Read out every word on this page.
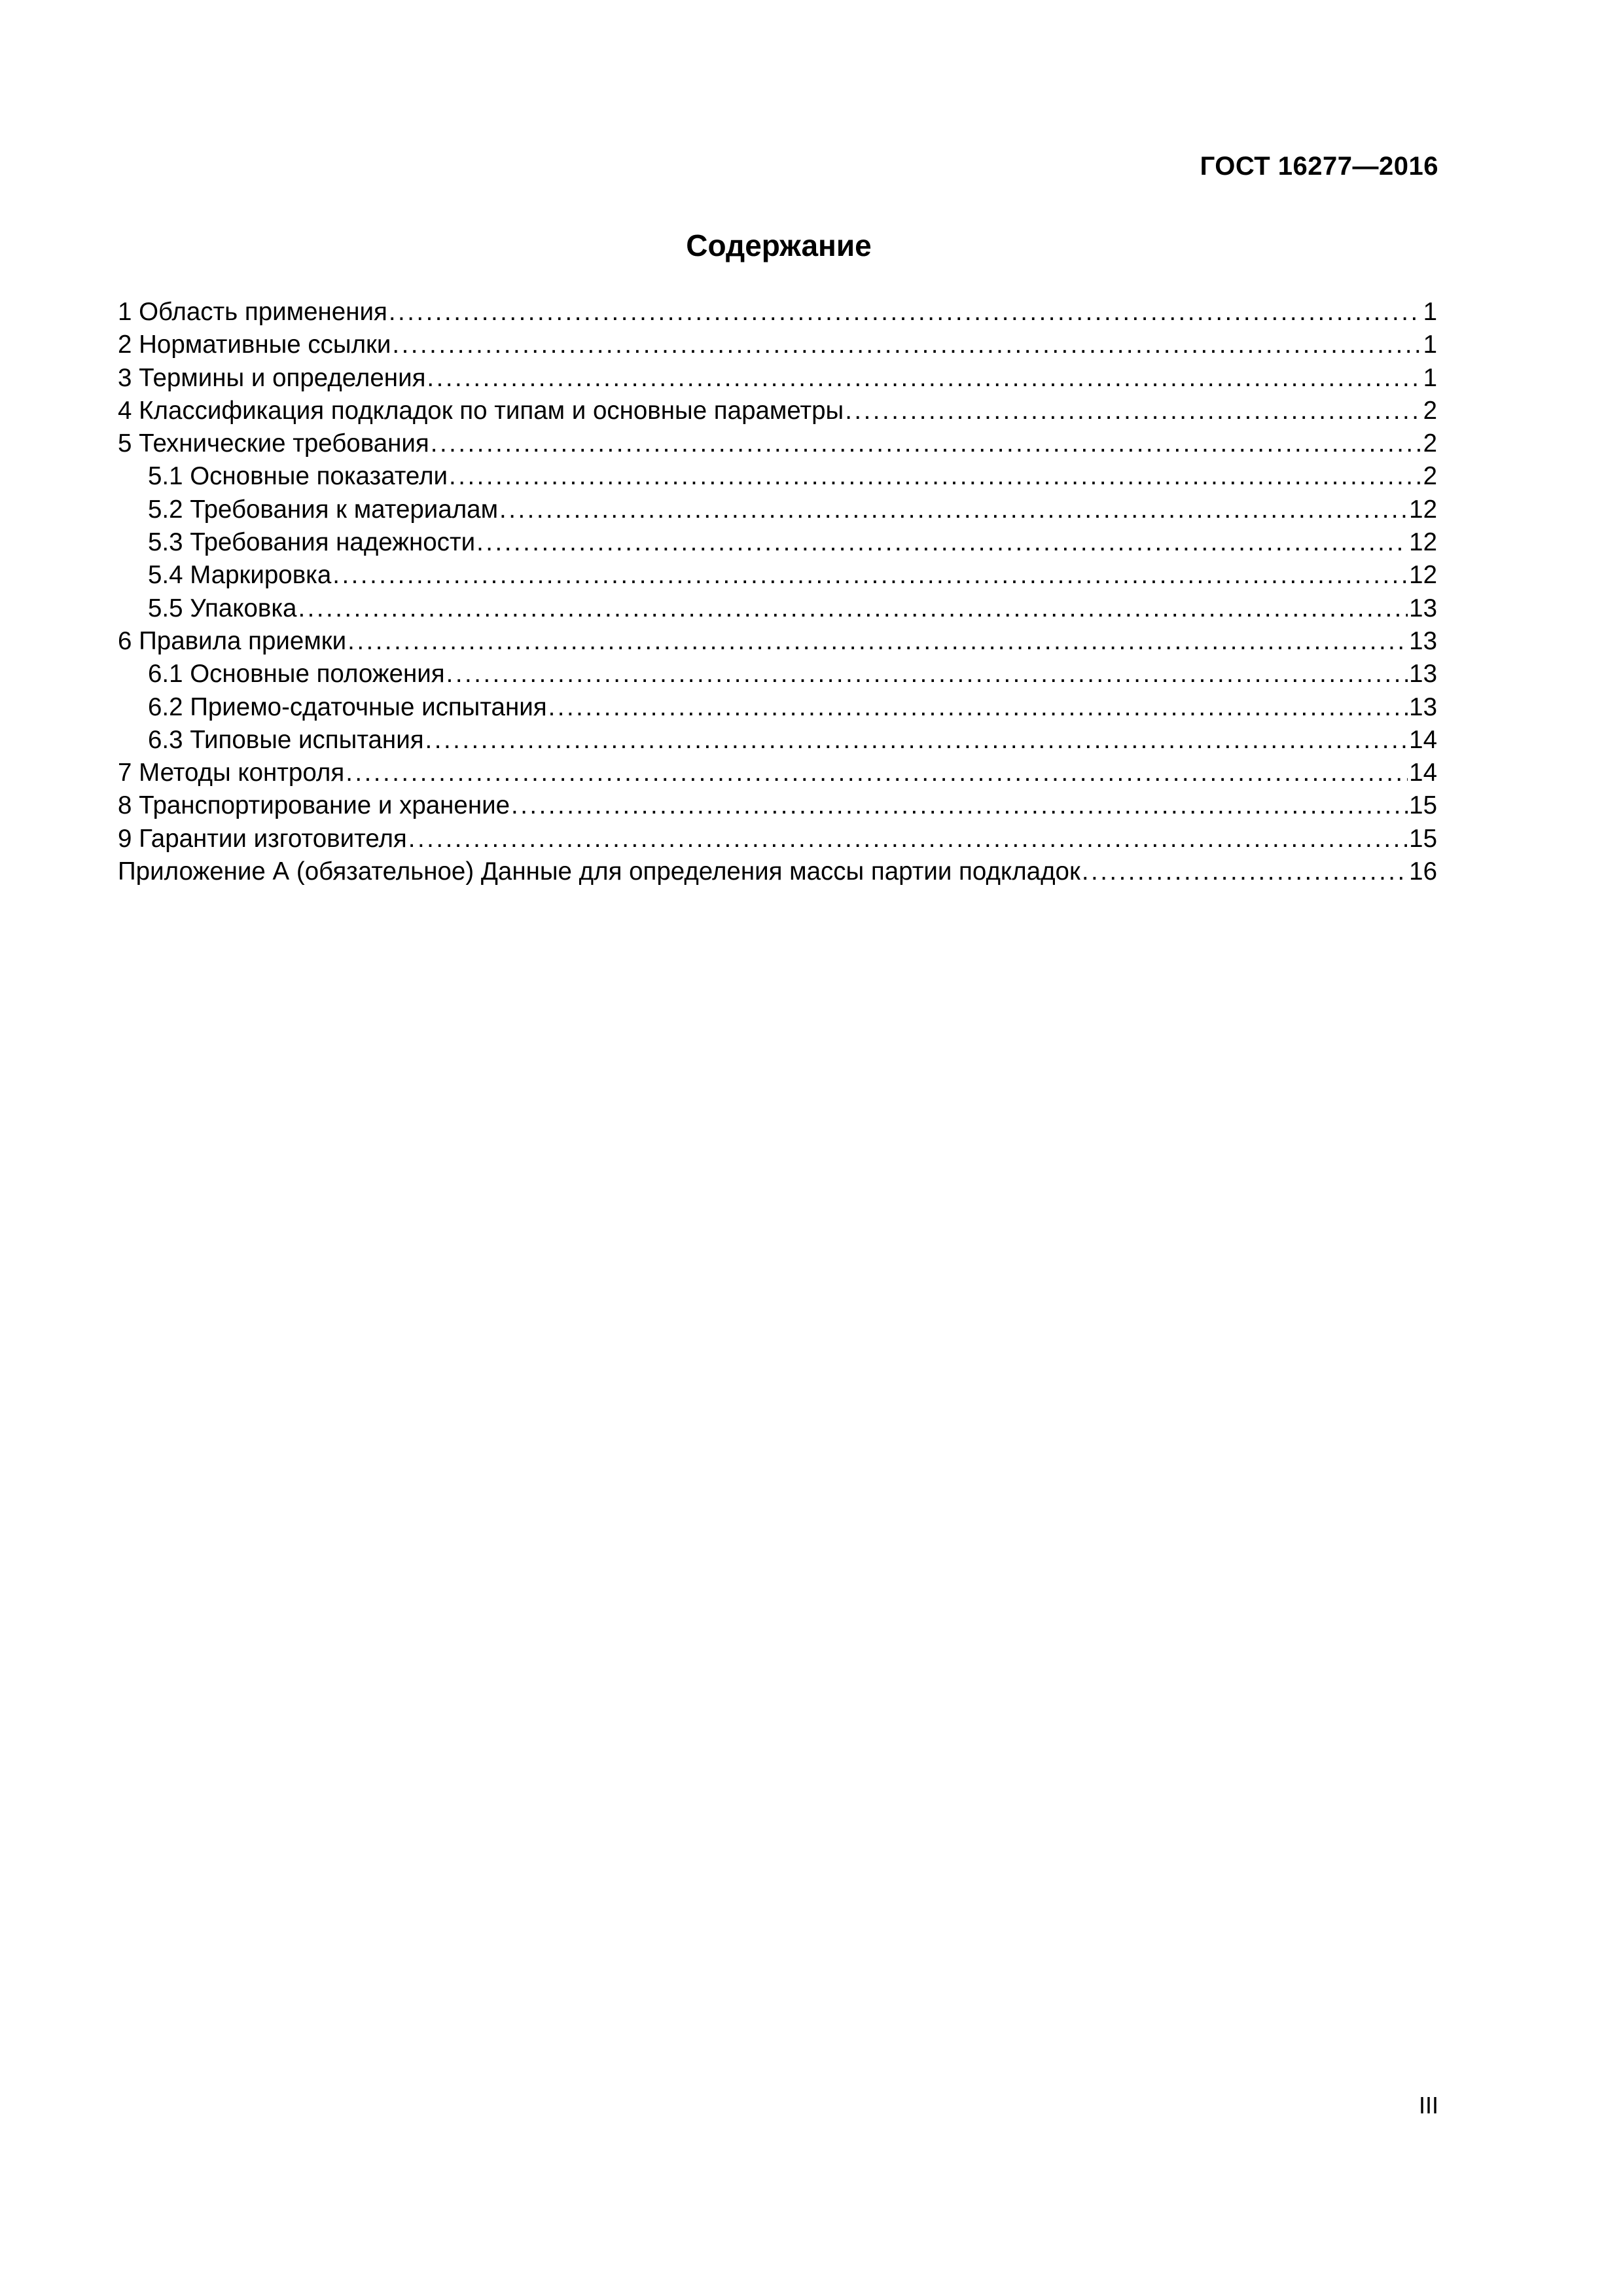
ГОСТ 16277—2016
Содержание
1 Область применения .....	1
2 Нормативные ссылки .....	1
3 Термины и определения .....	1
4 Классификация подкладок по типам и основные параметры .....	2
5 Технические требования .....	2
5.1 Основные показатели .....	2
5.2 Требования к материалам .....	12
5.3 Требования надежности .....	12
5.4 Маркировка .....	12
5.5 Упаковка .....	13
6 Правила приемки .....	13
6.1 Основные положения .....	13
6.2 Приемо-сдаточные испытания .....	13
6.3 Типовые испытания .....	14
7 Методы контроля .....	14
8 Транспортирование и хранение .....	15
9 Гарантии изготовителя .....	15
Приложение А (обязательное) Данные для определения массы партии подкладок .....	16
III
